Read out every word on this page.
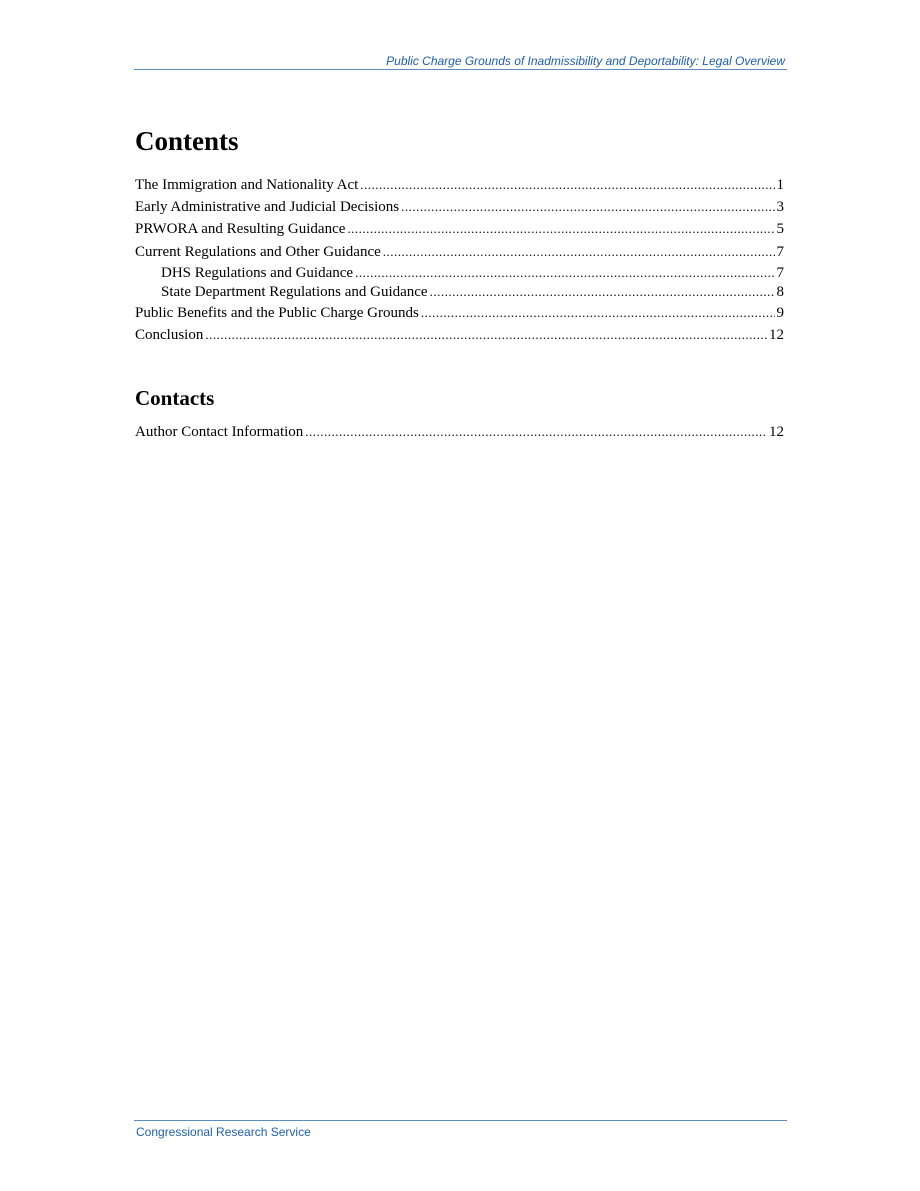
Public Charge Grounds of Inadmissibility and Deportability: Legal Overview
Contents
The Immigration and Nationality Act .....	1
Early Administrative and Judicial Decisions .....	3
PRWORA and Resulting Guidance .....	5
Current Regulations and Other Guidance .....	7
DHS Regulations and Guidance .....	7
State Department Regulations and Guidance .....	8
Public Benefits and the Public Charge Grounds .....	9
Conclusion .....	12
Contacts
Author Contact Information .....	12
Congressional Research Service
